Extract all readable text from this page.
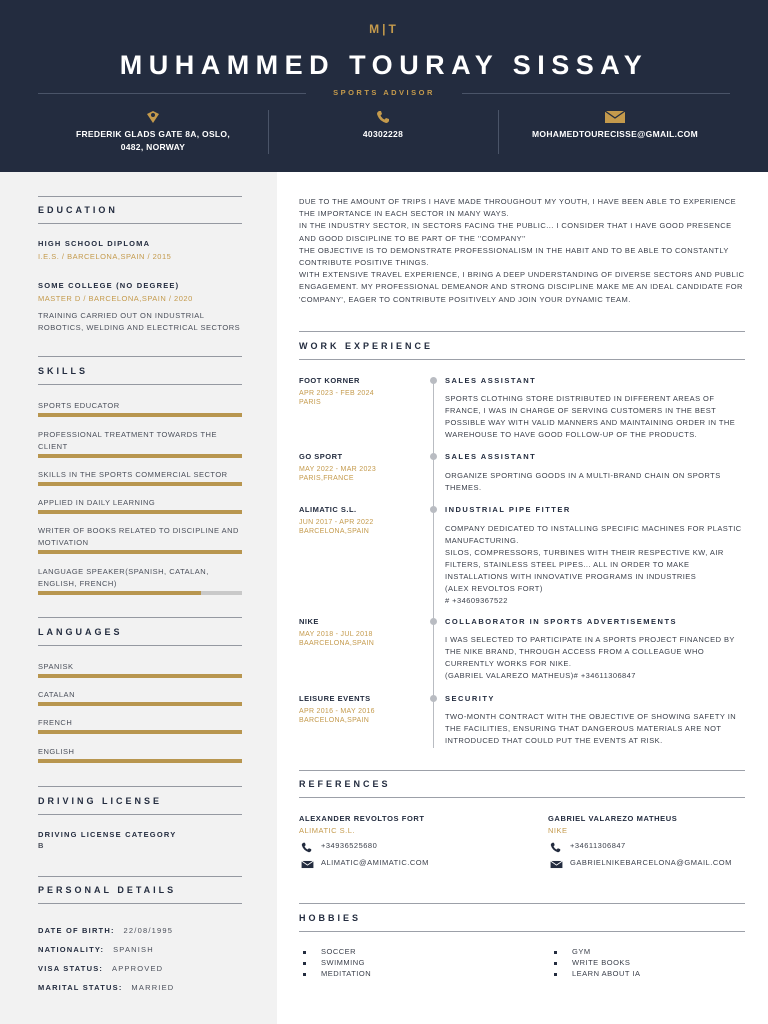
M|T
MUHAMMED TOURAY SISSAY
SPORTS ADVISOR
FREDERIK GLADS GATE 8A, OSLO,
0482, NORWAY
40302228	MOHAMEDTOURECISSE@GMAIL.COM
EDUCATION
HIGH SCHOOL DIPLOMA
I.E.S. / BARCELONA,SPAIN / 2015
SOME COLLEGE (NO DEGREE)
MASTER D / BARCELONA,SPAIN / 2020
TRAINING CARRIED OUT ON INDUSTRIAL ROBOTICS, WELDING AND ELECTRICAL SECTORS
SKILLS
SPORTS EDUCATOR
PROFESSIONAL TREATMENT TOWARDS THE CLIENT
SKILLS IN THE SPORTS COMMERCIAL SECTOR
APPLIED IN DAILY LEARNING
WRITER OF BOOKS RELATED TO DISCIPLINE AND MOTIVATION
LANGUAGE SPEAKER(SPANISH, CATALAN, ENGLISH, FRENCH)
LANGUAGES
SPANISK
CATALAN
FRENCH
ENGLISH
DRIVING LICENSE
DRIVING LICENSE CATEGORY
B
PERSONAL DETAILS
DATE OF BIRTH: 22/08/1995
NATIONALITY: SPANISH
VISA STATUS: APPROVED
MARITAL STATUS: MARRIED
DUE TO THE AMOUNT OF TRIPS I HAVE MADE THROUGHOUT MY YOUTH, I HAVE BEEN ABLE TO EXPERIENCE THE IMPORTANCE IN EACH SECTOR IN MANY WAYS.
IN THE INDUSTRY SECTOR, IN SECTORS FACING THE PUBLIC... I CONSIDER THAT I HAVE GOOD PRESENCE AND GOOD DISCIPLINE TO BE PART OF THE ''COMPANY''
THE OBJECTIVE IS TO DEMONSTRATE PROFESSIONALISM IN THE HABIT AND TO BE ABLE TO CONSTANTLY CONTRIBUTE POSITIVE THINGS.
WITH EXTENSIVE TRAVEL EXPERIENCE, I BRING A DEEP UNDERSTANDING OF DIVERSE SECTORS AND PUBLIC ENGAGEMENT. MY PROFESSIONAL DEMEANOR AND STRONG DISCIPLINE MAKE ME AN IDEAL CANDIDATE FOR 'COMPANY', EAGER TO CONTRIBUTE POSITIVELY AND JOIN YOUR DYNAMIC TEAM.
WORK EXPERIENCE
FOOT KORNER
APR 2023 - FEB 2024
PARIS
SALES ASSISTANT
SPORTS CLOTHING STORE DISTRIBUTED IN DIFFERENT AREAS OF FRANCE, I WAS IN CHARGE OF SERVING CUSTOMERS IN THE BEST POSSIBLE WAY WITH VALID MANNERS AND MAINTAINING ORDER IN THE WAREHOUSE TO HAVE GOOD FOLLOW-UP OF THE PRODUCTS.
GO SPORT
MAY 2022 - MAR 2023
PARIS,FRANCE
SALES ASSISTANT
ORGANIZE SPORTING GOODS IN A MULTI-BRAND CHAIN ON SPORTS THEMES.
ALIMATIC S.L.
JUN 2017 - APR 2022
BARCELONA,SPAIN
INDUSTRIAL PIPE FITTER
COMPANY DEDICATED TO INSTALLING SPECIFIC MACHINES FOR PLASTIC MANUFACTURING.
SILOS, COMPRESSORS, TURBINES WITH THEIR RESPECTIVE KW, AIR FILTERS, STAINLESS STEEL PIPES... ALL IN ORDER TO MAKE INSTALLATIONS WITH INNOVATIVE PROGRAMS IN INDUSTRIES
(ALEX REVOLTOS FORT)
# +34609367522
NIKE
MAY 2018 - JUL 2018
BAARCELONA,SPAIN
COLLABORATOR IN SPORTS ADVERTISEMENTS
I WAS SELECTED TO PARTICIPATE IN A SPORTS PROJECT FINANCED BY THE NIKE BRAND, THROUGH ACCESS FROM A COLLEAGUE WHO CURRENTLY WORKS FOR NIKE.
(GABRIEL VALAREZO MATHEUS)# +34611306847
LEISURE EVENTS
APR 2016 - MAY 2016
BARCELONA,SPAIN
SECURITY
TWO-MONTH CONTRACT WITH THE OBJECTIVE OF SHOWING SAFETY IN THE FACILITIES, ENSURING THAT DANGEROUS MATERIALS ARE NOT INTRODUCED THAT COULD PUT THE EVENTS AT RISK.
REFERENCES
ALEXANDER REVOLTOS FORT
ALIMATIC S.L.
+34936525680
ALIMATIC@AMIMATIC.COM
GABRIEL VALAREZO MATHEUS
NIKE
+34611306847
GABRIELNIKEBARCELONA@GMAIL.COM
HOBBIES
SOCCER
SWIMMING
MEDITATION
GYM
WRITE BOOKS
LEARN ABOUT IA
